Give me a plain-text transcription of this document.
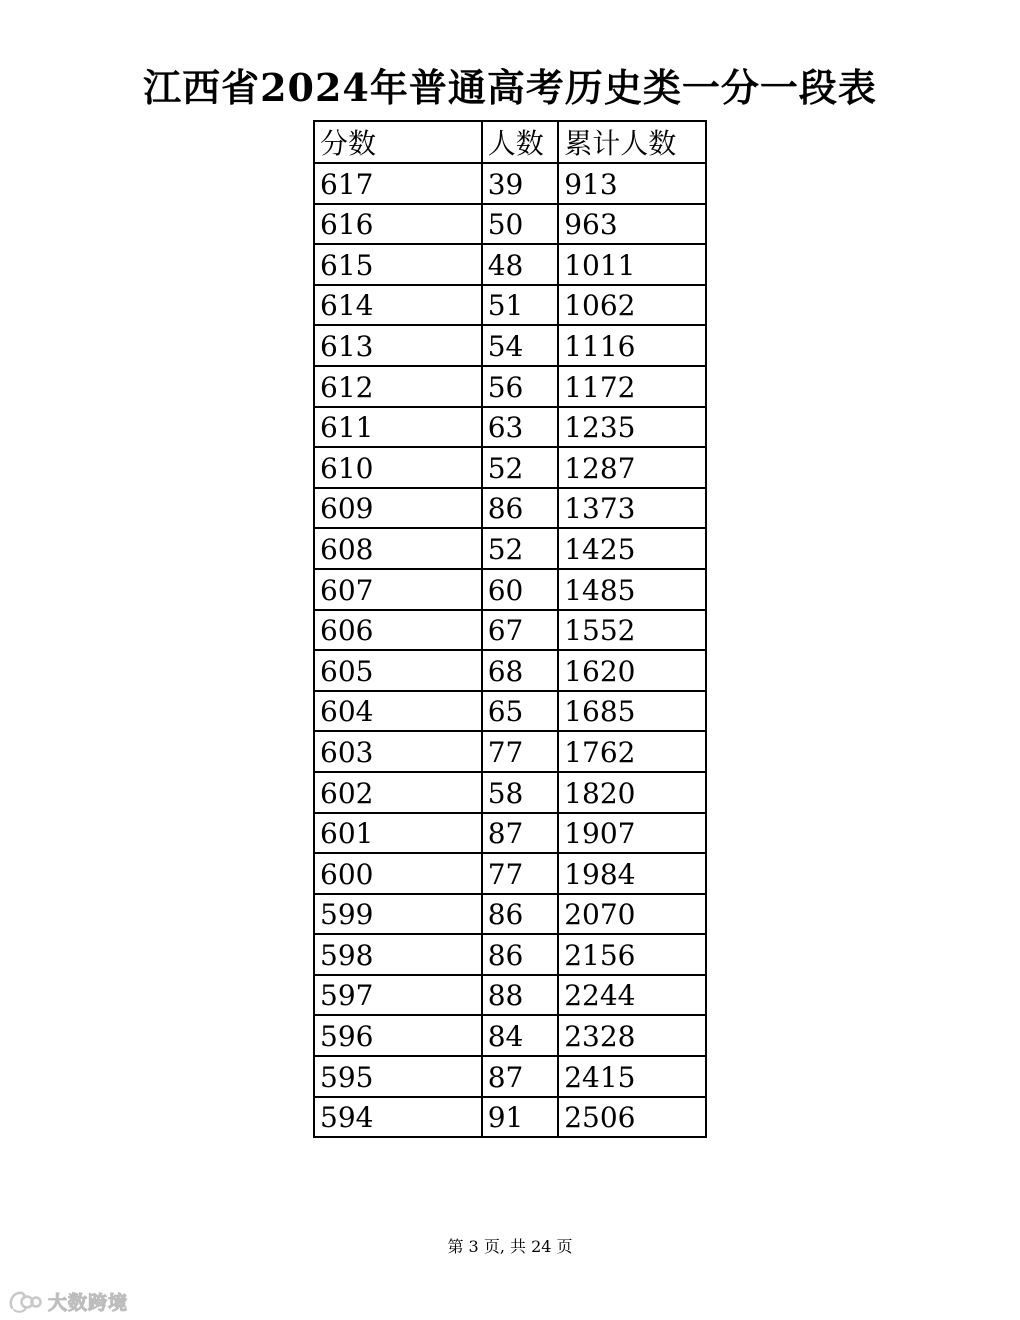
江西省2024年普通高考历史类一分一段表
分数	人数	累计人数
617	39	913
616	50	963
615	48	1011
614	51	1062
613	54	1116
612	56	1172
611	63	1235
610	52	1287
609	86	1373
608	52	1425
607	60	1485
606	67	1552
605	68	1620
604	65	1685
603	77	1762
602	58	1820
601	87	1907
600	77	1984
599	86	2070
598	86	2156
597	88	2244
596	84	2328
595	87	2415
594	91	2506
第 3 页, 共 24 页
大数跨境
